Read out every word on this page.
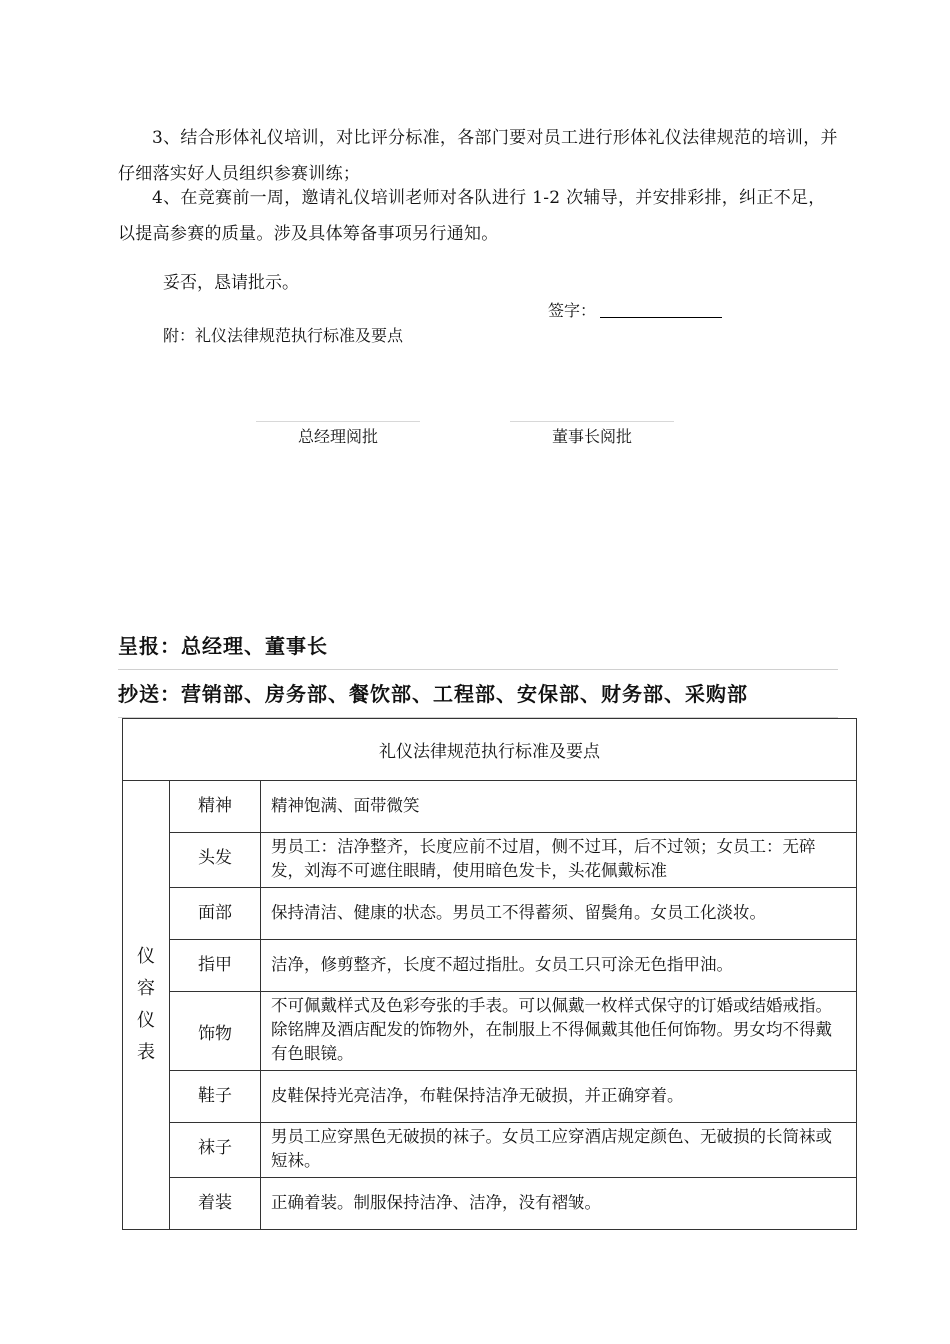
3、结合形体礼仪培训，对比评分标准，各部门要对员工进行形体礼仪法律规范的培训，并仔细落实好人员组织参赛训练；
4、在竞赛前一周，邀请礼仪培训老师对各队进行 1-2 次辅导，并安排彩排，纠正不足，以提高参赛的质量。涉及具体筹备事项另行通知。
妥否，恳请批示。
签字：
附：礼仪法律规范执行标准及要点
总经理阅批	董事长阅批
呈报：总经理、董事长
抄送：营销部、房务部、餐饮部、工程部、安保部、财务部、采购部
礼仪法律规范执行标准及要点		

仪容仪表	精神	精神饱满、面带微笑
	头发	男员工：洁净整齐，长度应前不过眉，侧不过耳，后不过领；女员工：无碎发，刘海不可遮住眼睛，使用暗色发卡，头花佩戴标准
	面部	保持清洁、健康的状态。男员工不得蓄须、留鬓角。女员工化淡妆。
	指甲	洁净，修剪整齐，长度不超过指肚。女员工只可涂无色指甲油。
	饰物	不可佩戴样式及色彩夸张的手表。可以佩戴一枚样式保守的订婚或结婚戒指。除铭牌及酒店配发的饰物外，在制服上不得佩戴其他任何饰物。男女均不得戴有色眼镜。
	鞋子	皮鞋保持光亮洁净，布鞋保持洁净无破损，并正确穿着。
	袜子	男员工应穿黑色无破损的袜子。女员工应穿酒店规定颜色、无破损的长筒袜或短袜。
	着装	正确着装。制服保持洁净、洁净，没有褶皱。
